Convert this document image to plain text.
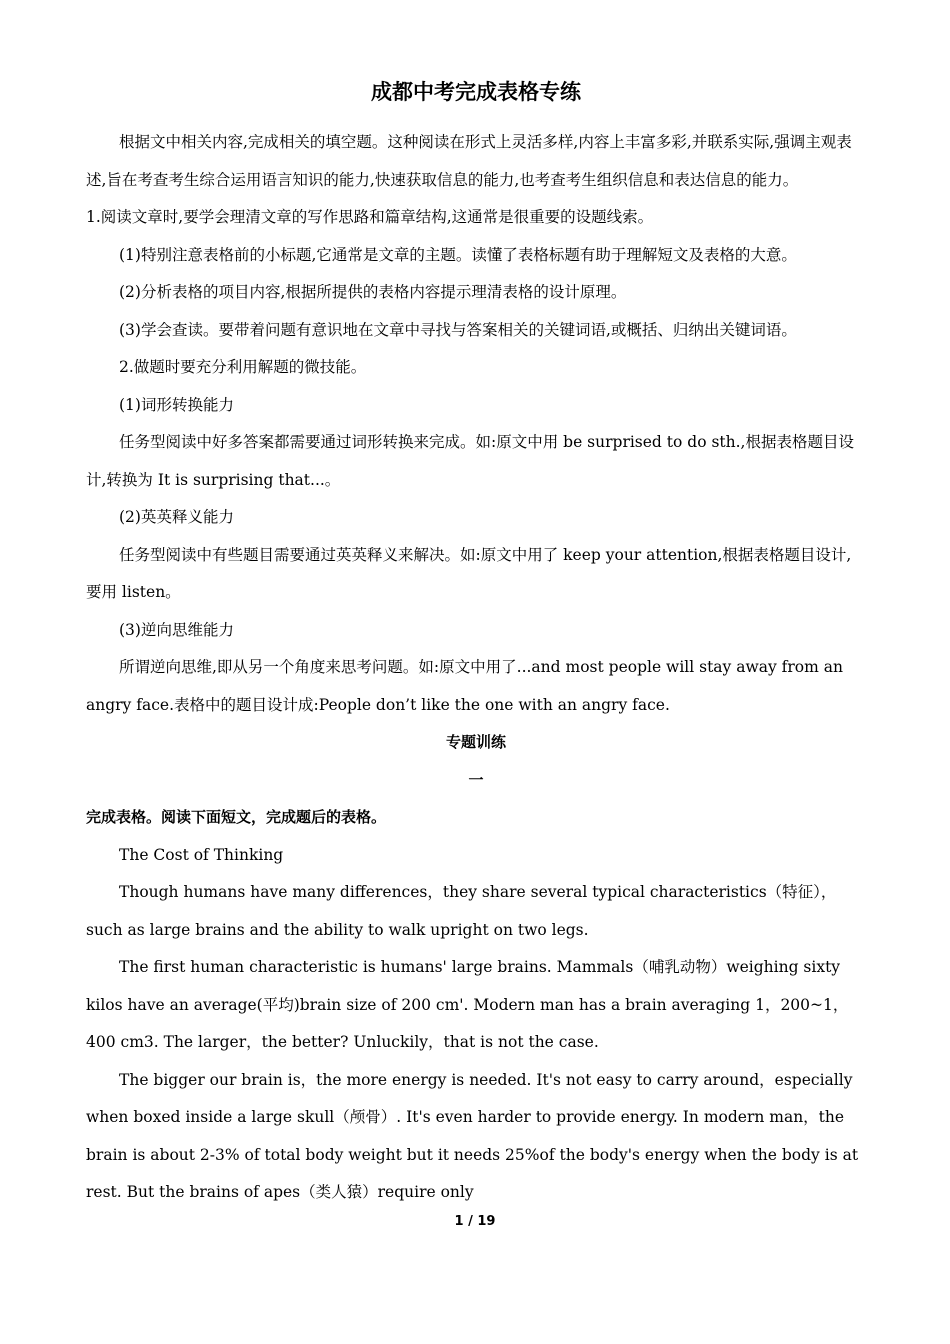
成都中考完成表格专练

根据文中相关内容,完成相关的填空题。这种阅读在形式上灵活多样,内容上丰富多彩,并联系实际,强调主观表述,旨在考查考生综合运用语言知识的能力,快速获取信息的能力,也考查考生组织信息和表达信息的能力。

1.阅读文章时,要学会理清文章的写作思路和篇章结构,这通常是很重要的设题线索。

(1)特别注意表格前的小标题,它通常是文章的主题。读懂了表格标题有助于理解短文及表格的大意。

(2)分析表格的项目内容,根据所提供的表格内容提示理清表格的设计原理。

(3)学会查读。要带着问题有意识地在文章中寻找与答案相关的关键词语,或概括、归纳出关键词语。

2.做题时要充分利用解题的微技能。

(1)词形转换能力

任务型阅读中好多答案都需要通过词形转换来完成。如:原文中用 be surprised to do sth.,根据表格题目设计,转换为 It is surprising that...。

(2)英英释义能力

任务型阅读中有些题目需要通过英英释义来解决。如:原文中用了 keep your attention,根据表格题目设计,要用 listen。

(3)逆向思维能力

所谓逆向思维,即从另一个角度来思考问题。如:原文中用了...and most people will stay away from an angry face.表格中的题目设计成:People don’t like the one with an angry face.

专题训练

一

完成表格。阅读下面短文，完成题后的表格。

The Cost of Thinking

Though humans have many differences，they share several typical characteristics（特征），such as large brains and the ability to walk upright on two legs.

The first human characteristic is humans' large brains. Mammals（哺乳动物）weighing sixty kilos have an average(平均)brain size of 200 cm'. Modern man has a brain averaging 1，200~1，400 cm3. The larger，the better? Unluckily，that is not the case.

The bigger our brain is，the more energy is needed. It's not easy to carry around，especially when boxed inside a large skull（颅骨）. It's even harder to provide energy. In modern man，the brain is about 2-3% of total body weight but it needs 25%of the body's energy when the body is at rest. But the brains of apes（类人猿）require only

1 / 19
